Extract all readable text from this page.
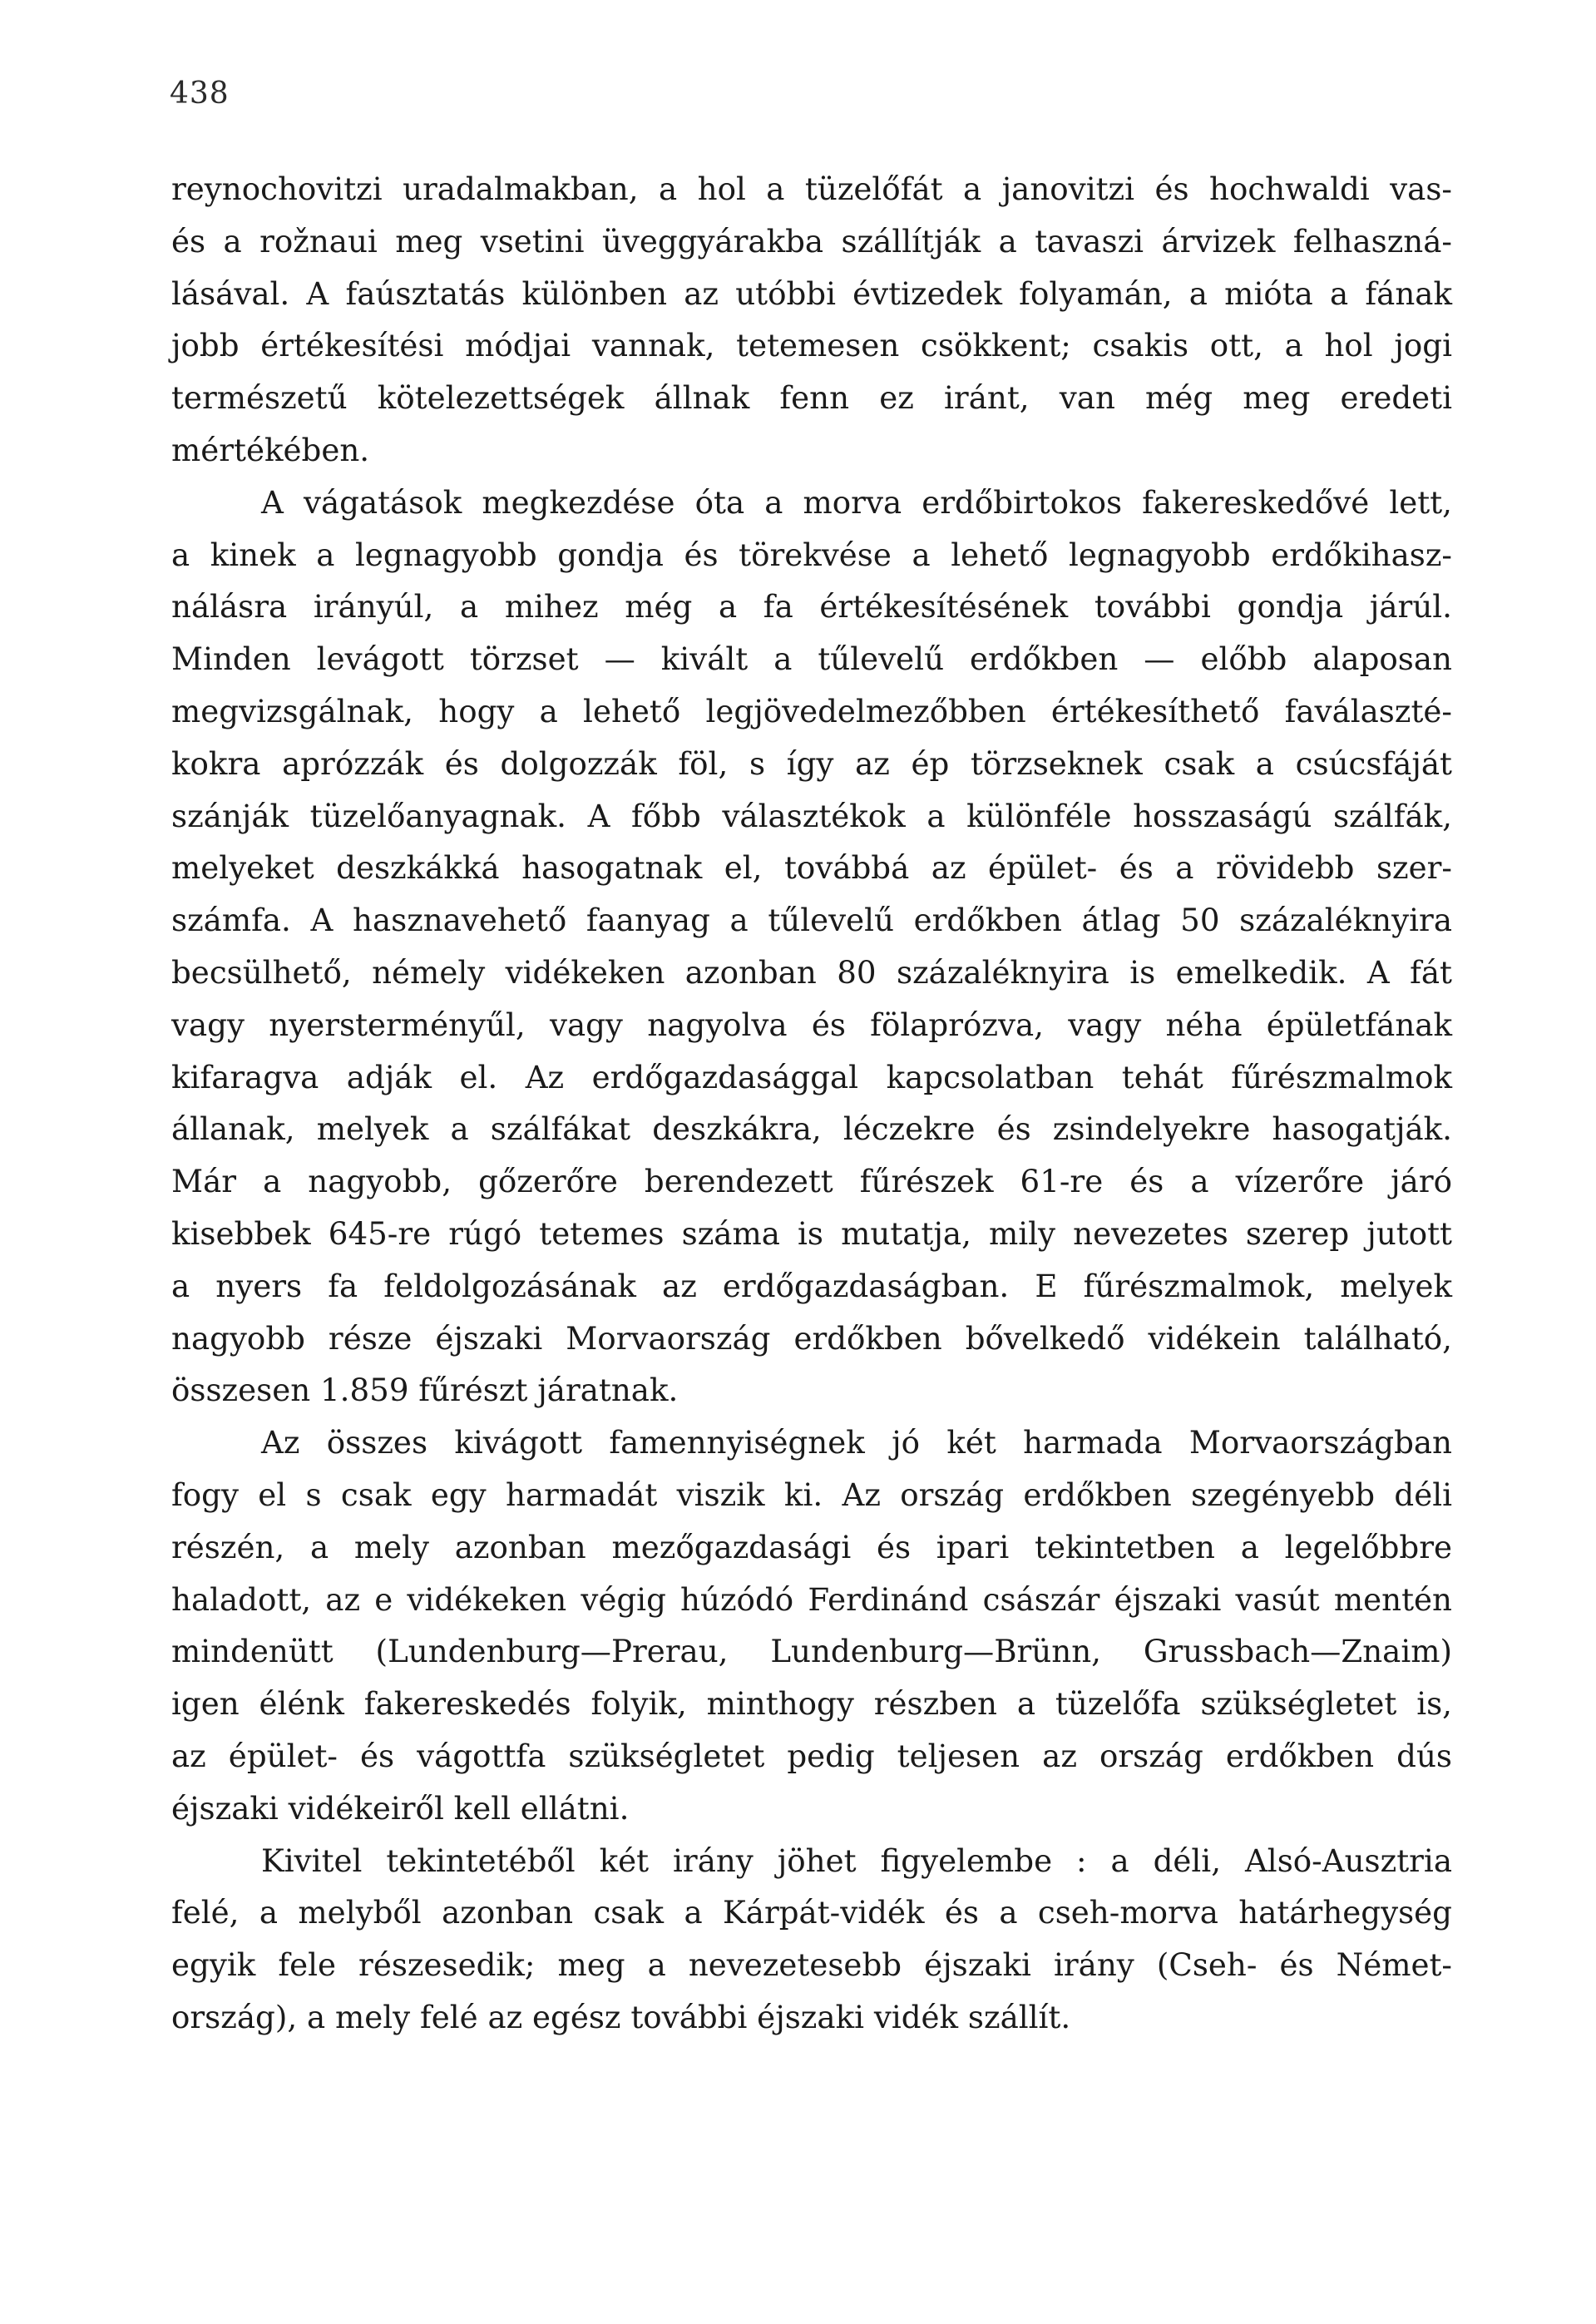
438

reynochovitzi uradalmakban, a hol a tüzelőfát a janovitzi és hochwaldi vas-
és a rožnaui meg vsetini üveggyárakba szállítják a tavaszi árvizek felhaszná-
lásával. A faúsztatás különben az utóbbi évtizedek folyamán, a mióta a fának
jobb értékesítési módjai vannak, tetemesen csökkent; csakis ott, a hol jogi
természetű kötelezettségek állnak fenn ez iránt, van még meg eredeti
mértékében.

A vágatások megkezdése óta a morva erdőbirtokos fakereskedővé lett,
a kinek a legnagyobb gondja és törekvése a lehető legnagyobb erdőkihasz-
nálásra irányúl, a mihez még a fa értékesítésének további gondja járúl.
Minden levágott törzset — kivált a tűlevelű erdőkben — előbb alaposan
megvizsgálnak, hogy a lehető legjövedelmezőbben értékesíthető faválaszté-
kokra aprózzák és dolgozzák föl, s így az ép törzseknek csak a csúcsfáját
szánják tüzelőanyagnak. A főbb választékok a különféle hosszaságú szálfák,
melyeket deszkákká hasogatnak el, továbbá az épület- és a rövidebb szer-
számfa. A hasznavehető faanyag a tűlevelű erdőkben átlag 50 százaléknyira
becsülhető, némely vidékeken azonban 80 százaléknyira is emelkedik. A fát
vagy nyersterményűl, vagy nagyolva és fölaprózva, vagy néha épületfának
kifaragva adják el. Az erdőgazdasággal kapcsolatban tehát fűrészmalmok
állanak, melyek a szálfákat deszkákra, léczekre és zsindelyekre hasogatják.
Már a nagyobb, gőzerőre berendezett fűrészek 61-re és a vízerőre járó
kisebbek 645-re rúgó tetemes száma is mutatja, mily nevezetes szerep jutott
a nyers fa feldolgozásának az erdőgazdaságban. E fűrészmalmok, melyek
nagyobb része éjszaki Morvaország erdőkben bővelkedő vidékein található,
összesen 1.859 fűrészt járatnak.

Az összes kivágott famennyiségnek jó két harmada Morvaországban
fogy el s csak egy harmadát viszik ki. Az ország erdőkben szegényebb déli
részén, a mely azonban mezőgazdasági és ipari tekintetben a legelőbbre
haladott, az e vidékeken végig húzódó Ferdinánd császár éjszaki vasút mentén
mindenütt (Lundenburg—Prerau, Lundenburg—Brünn, Grussbach—Znaim)
igen élénk fakereskedés folyik, minthogy részben a tüzelőfa szükségletet is,
az épület- és vágottfa szükségletet pedig teljesen az ország erdőkben dús
éjszaki vidékeiről kell ellátni.

Kivitel tekintetéből két irány jöhet figyelembe : a déli, Alsó-Ausztria
felé, a melyből azonban csak a Kárpát-vidék és a cseh-morva határhegység
egyik fele részesedik; meg a nevezetesebb éjszaki irány (Cseh- és Német-
ország), a mely felé az egész további éjszaki vidék szállít.
